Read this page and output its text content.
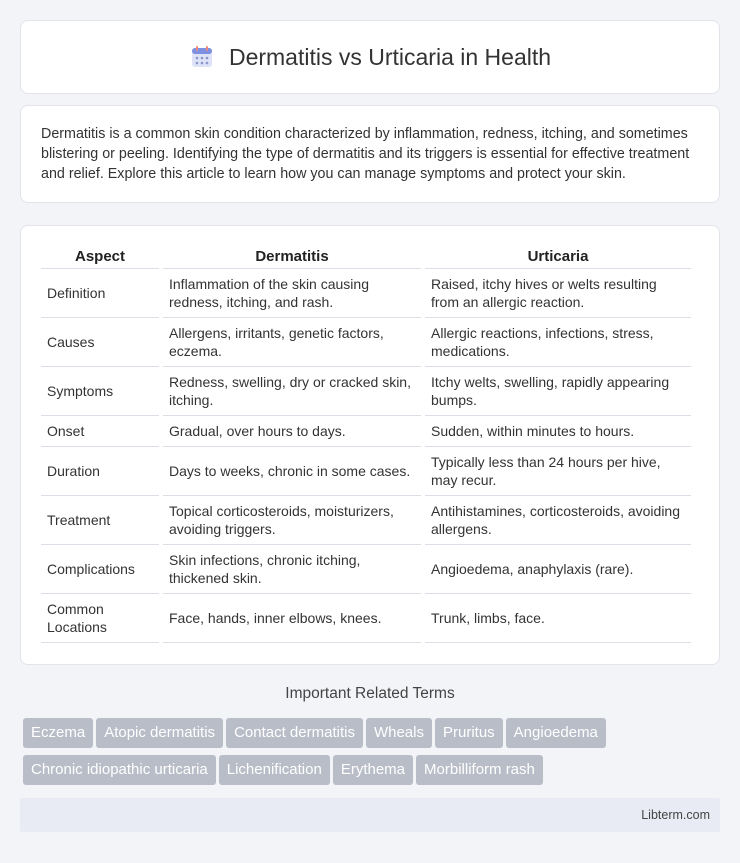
Dermatitis vs Urticaria in Health

Dermatitis is a common skin condition characterized by inflammation, redness, itching, and sometimes blistering or peeling. Identifying the type of dermatitis and its triggers is essential for effective treatment and relief. Explore this article to learn how you can manage symptoms and protect your skin.

Aspect	Dermatitis	Urticaria
Definition	Inflammation of the skin causing redness, itching, and rash.	Raised, itchy hives or welts resulting from an allergic reaction.
Causes	Allergens, irritants, genetic factors, eczema.	Allergic reactions, infections, stress, medications.
Symptoms	Redness, swelling, dry or cracked skin, itching.	Itchy welts, swelling, rapidly appearing bumps.
Onset	Gradual, over hours to days.	Sudden, within minutes to hours.
Duration	Days to weeks, chronic in some cases.	Typically less than 24 hours per hive, may recur.
Treatment	Topical corticosteroids, moisturizers, avoiding triggers.	Antihistamines, corticosteroids, avoiding allergens.
Complications	Skin infections, chronic itching, thickened skin.	Angioedema, anaphylaxis (rare).
Common Locations	Face, hands, inner elbows, knees.	Trunk, limbs, face.
Important Related Terms
Eczema Atopic dermatitis Contact dermatitis Wheals Pruritus Angioedema
Chronic idiopathic urticaria Lichenification Erythema Morbilliform rash
Libterm.com
